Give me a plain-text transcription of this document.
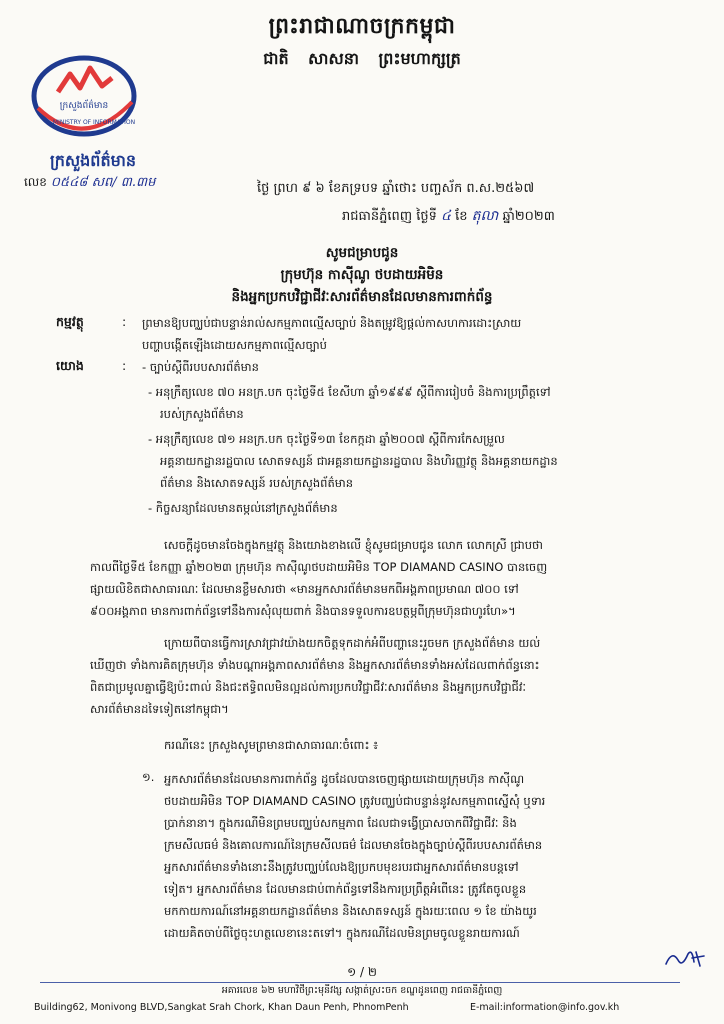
ព្រះរាជាណាចក្រកម្ពុជា
ជាតិ សាសនា ព្រះមហាក្សត្រ
ក្រសួងព័ត៌មាន
MINISTRY OF INFORMATION
ក្រសួងព័ត៌មាន
លេខ ០៥៤៨ សព/ ៣.៣ម	ថ្ងៃ ព្រហ ៩ ៦ ខែភទ្របទ ឆ្នាំថោះ បញ្ចស័ក ព.ស.២៥៦៧
រាជធានីភ្នំពេញ ថ្ងៃទី ៤ ខែ តុលា ឆ្នាំ២០២៣
សូមជម្រាបជូន
ក្រុមហ៊ុន កាស៊ីណូ ថបដាយអិមិន
និងអ្នកប្រកបវិជ្ជាជីវៈសារព័ត៌មានដែលមានការពាក់ព័ន្ធ
កម្មវត្ថុ	: ព្រមានឱ្យបញ្ឈប់ជាបន្ទាន់រាល់សកម្មភាពល្មើសច្បាប់ និងតម្រូវឱ្យផ្តល់កាសហការដោះស្រាយ
បញ្ហាបង្កើតឡើងដោយសកម្មភាពល្មើសច្បាប់
យោង	: - ច្បាប់ស្តីពីរបបសារព័ត៌មាន
- អនុក្រឹត្យលេខ ៧០ អនក្រ.បក ចុះថ្ងៃទី៥ ខែសីហា ឆ្នាំ១៩៩៩ ស្តីពីការរៀបចំ និងការប្រព្រឹត្តទៅ
របស់ក្រសួងព័ត៌មាន
- អនុក្រឹត្យលេខ ៧១ អនក្រ.បក ចុះថ្ងៃទី១៣ ខែកក្កដា ឆ្នាំ២០០៧ ស្តីពីការកែសម្រួល
អគ្គនាយកដ្ឋានរដ្ឋបាល សោតទស្សន៍ ជាអគ្គនាយកដ្ឋានរដ្ឋបាល និងហិរញ្ញវត្ថុ និងអគ្គនាយកដ្ឋាន
ព័ត៌មាន និងសោតទស្សន៍ របស់ក្រសួងព័ត៌មាន
- កិច្ចសន្យាដែលមានតម្កល់នៅក្រសួងព័ត៌មាន
សេចក្តីដូចមានចែងក្នុងកម្មវត្ថុ និងយោងខាងលើ ខ្ញុំសូមជម្រាបជូន លោក លោកស្រី ជ្រាបថា
កាលពីថ្ងៃទី៥ ខែកញ្ញា ឆ្នាំ២០២៣ ក្រុមហ៊ុន កាស៊ីណូថបដាយអិមិន TOP DIAMAND CASINO បានចេញ
ផ្សាយលិខិតជាសាធារណៈ ដែលមានខ្លឹមសារថា «មានអ្នកសារព័ត៌មានមកពីអង្គភាពប្រមាណ ៧០០ ទៅ
៩០០អង្គភាព មានការពាក់ព័ន្ធទៅនឹងការសុំលុយពាក់ និងបានទទួលការឧបត្ថម្ភពីក្រុមហ៊ុនជាហូរហែ»។
ក្រោយពីបានធ្វើការស្រាវជ្រាវយ៉ាងយកចិត្តទុកដាក់អំពីបញ្ហានេះរួចមក ក្រសួងព័ត៌មាន យល់
ឃើញថា ទាំងការគិតក្រុមហ៊ុន ទាំងបណ្តាអង្គភាពសារព័ត៌មាន និងអ្នកសារព័ត៌មានទាំងអស់ដែលពាក់ព័ន្ធនោះ
ពិតជាប្រមូលគ្នាធ្វើឱ្យប៉ះពាល់ និងជះឥទ្ធិពលមិនល្អដល់ការប្រកបវិជ្ជាជីវៈសារព័ត៌មាន និងអ្នកប្រកបវិជ្ជាជីវៈ
សារព័ត៌មានដទៃទៀតនៅកម្ពុជា។
ករណីនេះ ក្រសួងសូមព្រមានជាសាធារណៈចំពោះ ៖
១. អ្នកសារព័ត៌មានដែលមានការពាក់ព័ន្ធ ដូចដែលបានចេញផ្សាយដោយក្រុមហ៊ុន កាស៊ីណូ
ថបដាយអិមិន TOP DIAMAND CASINO ត្រូវបញ្ឈប់ជាបន្ទាន់នូវសកម្មភាពស្នើសុំ ឬទារ
ប្រាក់នានា។ ក្នុងករណីមិនព្រមបញ្ឈប់សកម្មភាព ដែលជាទង្វើប្រាសចាកពីវិជ្ជាជីវៈ និង
ក្រមសីលធម៌ និងគោលការណ៍នៃក្រមសីលធម៌ ដែលមានចែងក្នុងច្បាប់ស្តីពីរបបសារព័ត៌មាន
អ្នកសារព័ត៌មានទាំងនោះនឹងត្រូវបញ្ឈប់លែងឱ្យប្រកបមុខរបរជាអ្នកសារព័ត៌មានបន្តទៅ
ទៀត។ អ្នកសារព័ត៌មាន ដែលមានជាប់ពាក់ព័ន្ធទៅនឹងការប្រព្រឹត្តអំពើនេះ ត្រូវតែចូលខ្លួន
មកកាយការណ៍នៅអគ្គនាយកដ្ឋានព័ត៌មាន និងសោតទស្សន៍ ក្នុងរយៈពេល ១ ខែ យ៉ាងយូរ
ដោយគិតចាប់ពីថ្ងៃចុះហត្ថលេខានេះតទៅ។ ក្នុងករណីដែលមិនព្រមចូលខ្លួនរាយការណ៍
១ / ២
អគារលេខ ៦២ មហាវិថីព្រះមុនីវង្ស សង្កាត់ស្រះចក ខណ្ឌដូនពេញ រាជធានីភ្នំពេញ
Building62, Monivong BLVD,Sangkat Srah Chork, Khan Daun Penh, PhnomPenh	E-mail:information@info.gov.kh
